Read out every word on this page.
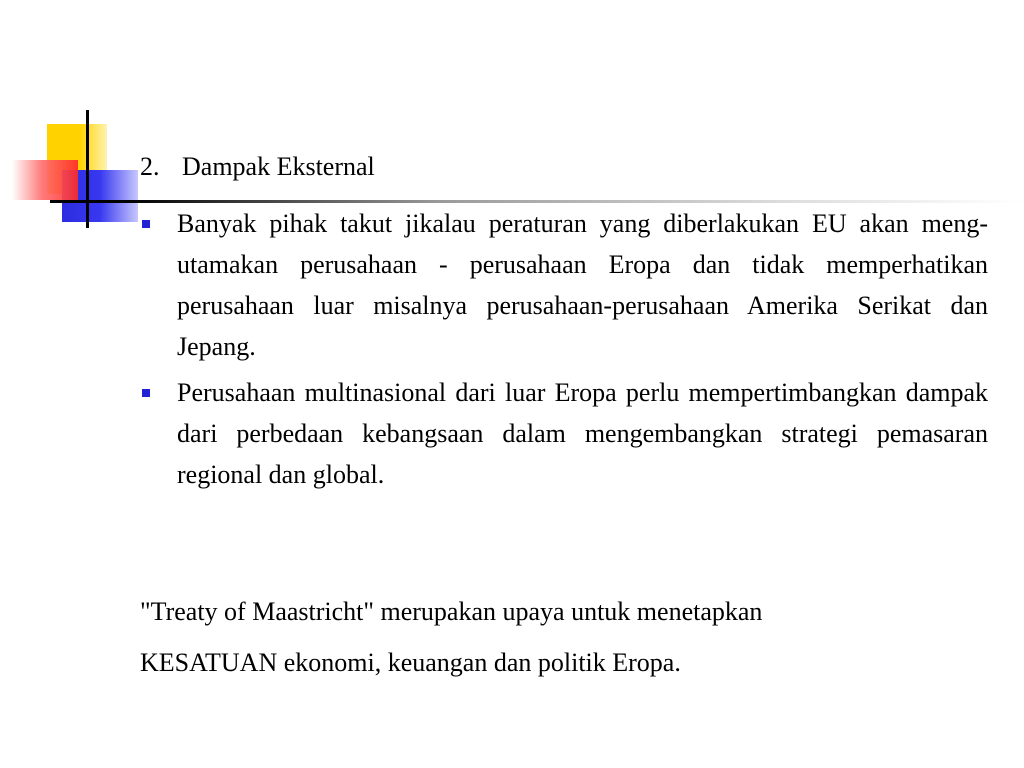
2. Dampak Eksternal
Banyak pihak takut jikalau peraturan yang diberlakukan EU akan meng-utamakan perusahaan - perusahaan Eropa dan tidak memperhatikan perusahaan luar misalnya perusahaan-perusahaan Amerika Serikat dan Jepang.
Perusahaan multinasional dari luar Eropa perlu mempertimbangkan dampak dari perbedaan kebangsaan dalam mengembangkan strategi pemasaran regional dan global.
"Treaty of Maastricht" merupakan upaya untuk menetapkan
KESATUAN ekonomi, keuangan dan politik Eropa.
